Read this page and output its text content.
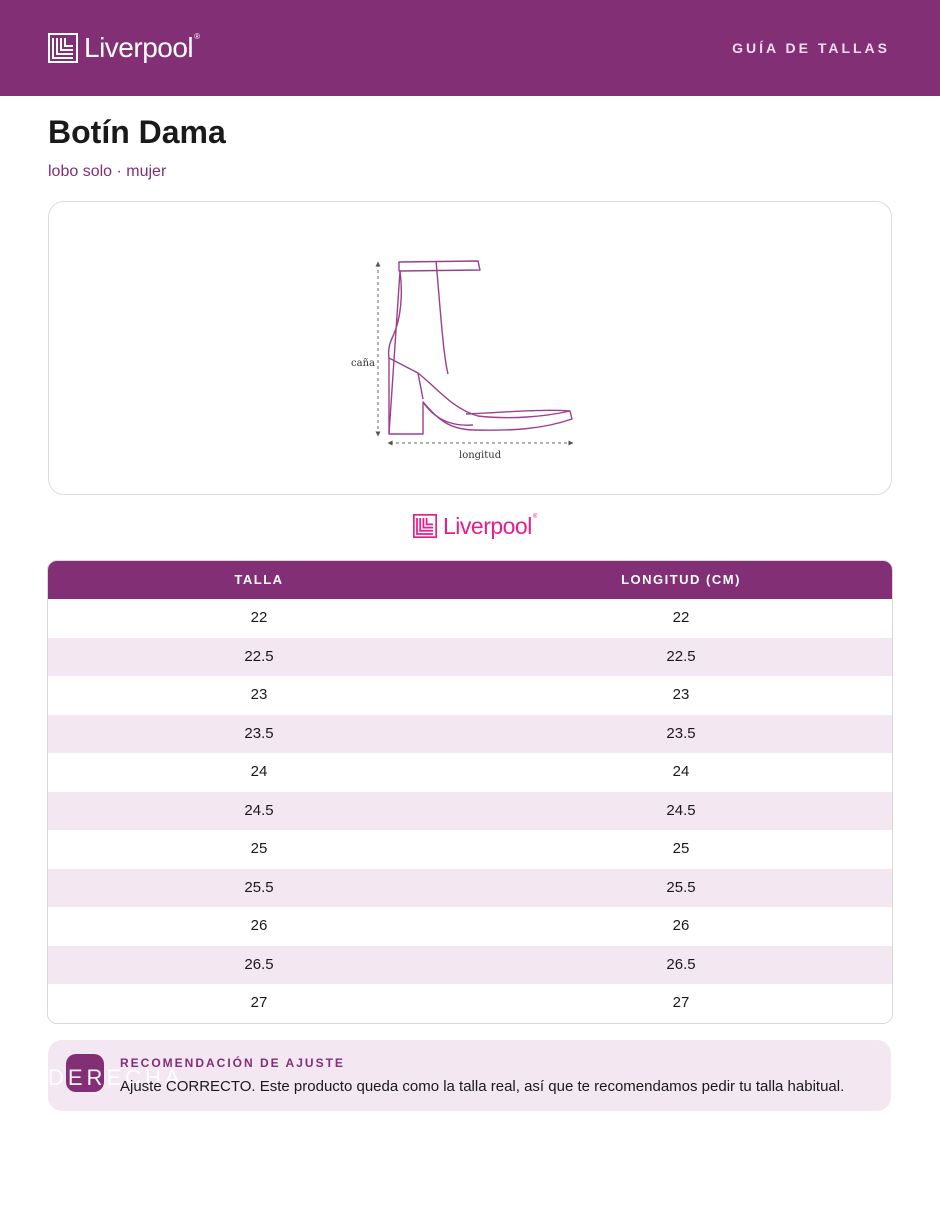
Liverpool ®
GUÍA DE TALLAS
Botín Dama
lobo solo · mujer
caña
longitud
Liverpool ®
TALLA	LONGITUD (CM)
22	22
22.5	22.5
23	23
23.5	23.5
24	24
24.5	24.5
25	25
25.5	25.5
26	26
26.5	26.5
27	27
DERECHA
RECOMENDACIÓN DE AJUSTE
Ajuste CORRECTO. Este producto queda como la talla real, así que te recomendamos pedir tu talla habitual.
